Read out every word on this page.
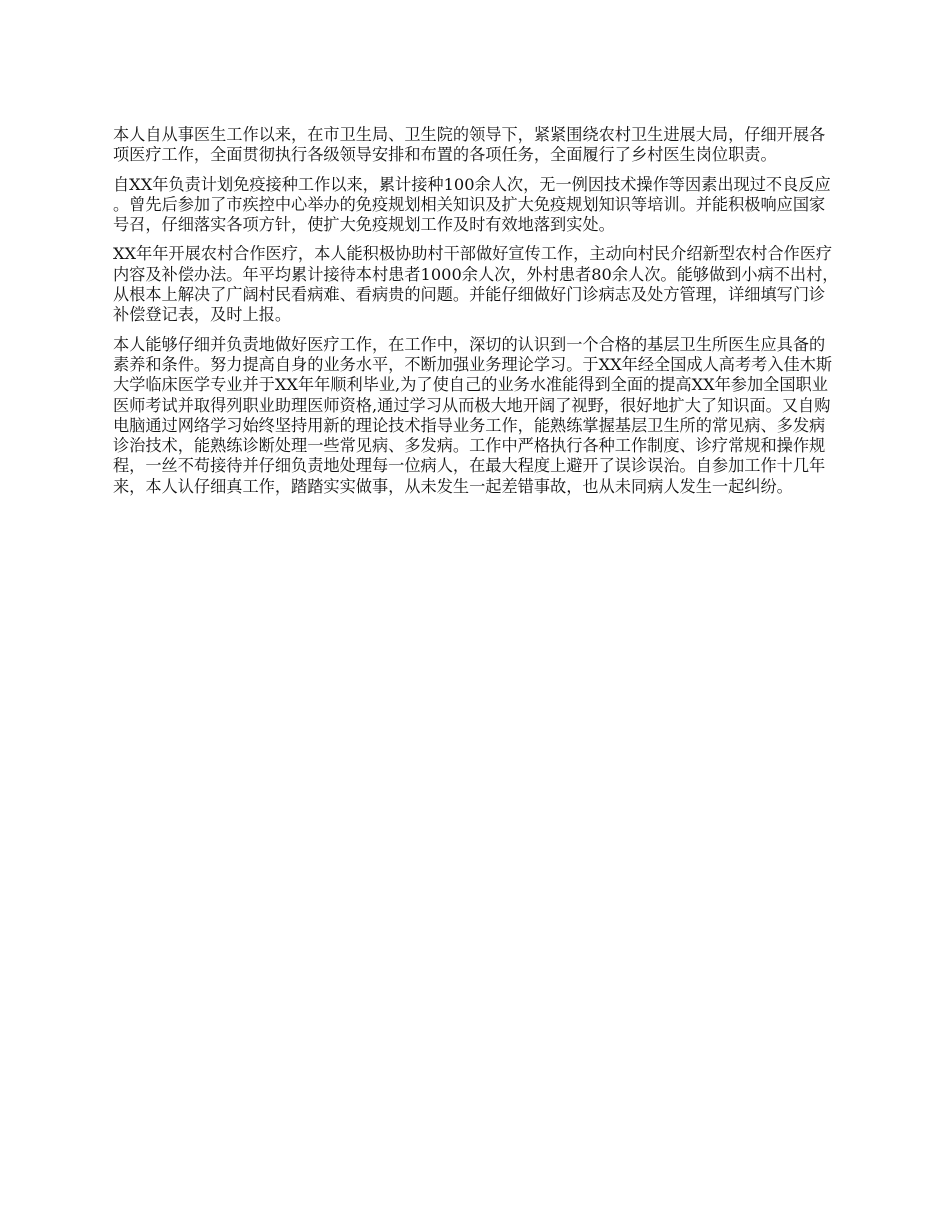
本人自从事医生工作以来，在市卫生局、卫生院的领导下，紧紧围绕农村卫生进展大局，仔细开展各项医疗工作，全面贯彻执行各级领导安排和布置的各项任务，全面履行了乡村医生岗位职责。

自XX年负责计划免疫接种工作以来，累计接种100余人次，无一例因技术操作等因素出现过不良反应。曾先后参加了市疾控中心举办的免疫规划相关知识及扩大免疫规划知识等培训。并能积极响应国家号召，仔细落实各项方针，使扩大免疫规划工作及时有效地落到实处。

XX年年开展农村合作医疗，本人能积极协助村干部做好宣传工作，主动向村民介绍新型农村合作医疗内容及补偿办法。年平均累计接待本村患者1000余人次，外村患者80余人次。能够做到小病不出村，从根本上解决了广阔村民看病难、看病贵的问题。并能仔细做好门诊病志及处方管理，详细填写门诊补偿登记表，及时上报。

本人能够仔细并负责地做好医疗工作，在工作中，深切的认识到一个合格的基层卫生所医生应具备的素养和条件。努力提高自身的业务水平，不断加强业务理论学习。于XX年经全国成人高考考入佳木斯大学临床医学专业并于XX年年顺利毕业,为了使自己的业务水准能得到全面的提高XX年参加全国职业医师考试并取得列职业助理医师资格,通过学习从而极大地开阔了视野，很好地扩大了知识面。又自购电脑通过网络学习始终坚持用新的理论技术指导业务工作，能熟练掌握基层卫生所的常见病、多发病诊治技术，能熟练诊断处理一些常见病、多发病。工作中严格执行各种工作制度、诊疗常规和操作规程，一丝不苟接待并仔细负责地处理每一位病人，在最大程度上避开了误诊误治。自参加工作十几年来，本人认仔细真工作，踏踏实实做事，从未发生一起差错事故，也从未同病人发生一起纠纷。
